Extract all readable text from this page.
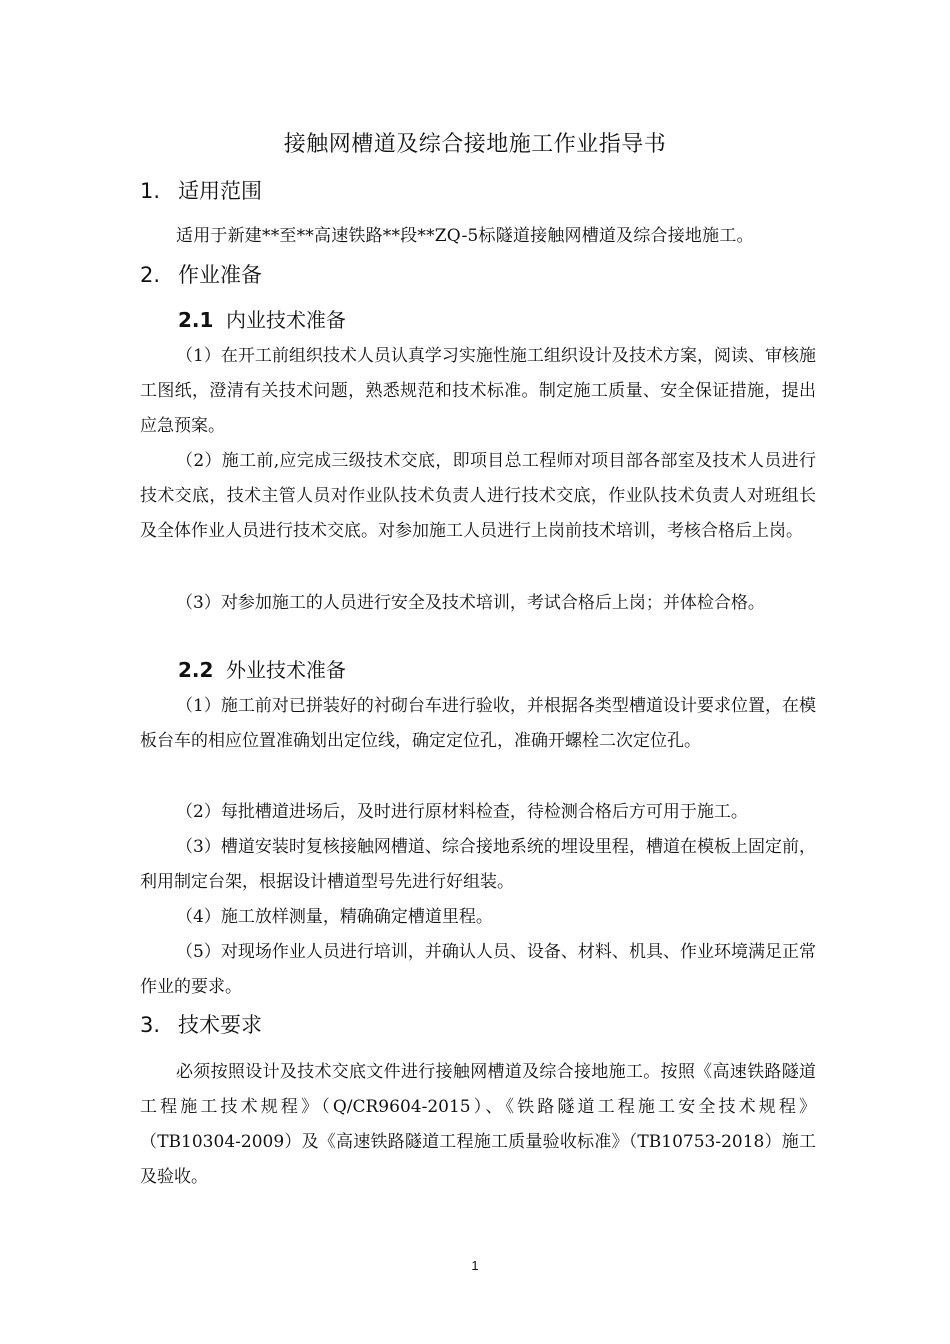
接触网槽道及综合接地施工作业指导书
1. 适用范围

适用于新建**至**高速铁路**段**ZQ-5标隧道接触网槽道及综合接地施工。

2. 作业准备
2.1 内业技术准备

（1）在开工前组织技术人员认真学习实施性施工组织设计及技术方案，阅读、审核施工图纸，澄清有关技术问题，熟悉规范和技术标准。制定施工质量、安全保证措施，提出应急预案。

（2）施工前,应完成三级技术交底，即项目总工程师对项目部各部室及技术人员进行技术交底，技术主管人员对作业队技术负责人进行技术交底，作业队技术负责人对班组长及全体作业人员进行技术交底。对参加施工人员进行上岗前技术培训，考核合格后上岗。

（3）对参加施工的人员进行安全及技术培训，考试合格后上岗；并体检合格。

2.2 外业技术准备

（1）施工前对已拼装好的衬砌台车进行验收，并根据各类型槽道设计要求位置，在模板台车的相应位置准确划出定位线，确定定位孔，准确开螺栓二次定位孔。

（2）每批槽道进场后，及时进行原材料检查，待检测合格后方可用于施工。

（3）槽道安装时复核接触网槽道、综合接地系统的埋设里程，槽道在模板上固定前，利用制定台架，根据设计槽道型号先进行好组装。

（4）施工放样测量，精确确定槽道里程。

（5）对现场作业人员进行培训，并确认人员、设备、材料、机具、作业环境满足正常作业的要求。

3. 技术要求

必须按照设计及技术交底文件进行接触网槽道及综合接地施工。按照《高速铁路隧道工程施工技术规程》（Q/CR9604-2015）、《铁路隧道工程施工安全技术规程》（TB10304-2009）及《高速铁路隧道工程施工质量验收标准》（TB10753-2018）施工及验收。

1
